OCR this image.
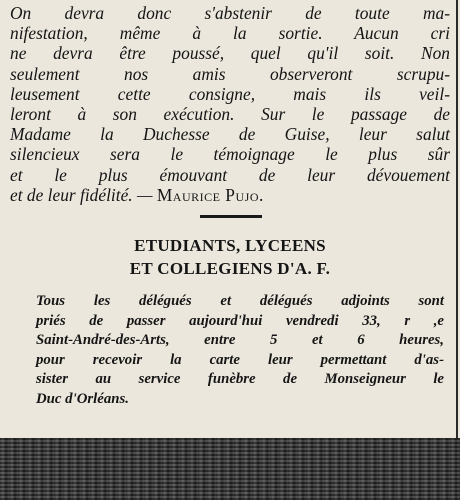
On devra donc s'abstenir de toute ma-
nifestation, même à la sortie. Aucun cri
ne devra être poussé, quel qu'il soit. Non
seulement nos amis observeront scrupu-
leusement cette consigne, mais ils veil-
leront à son exécution. Sur le passage de
Madame la Duchesse de Guise, leur salut
silencieux sera le témoignage le plus sûr
et le plus émouvant de leur dévouement
et de leur fidélité. — Maurice Pujo.
ETUDIANTS, LYCEENS
ET COLLEGIENS D'A. F.
Tous les délégués et délégués adjoints sont
priés de passer aujourd'hui vendredi 33, r ,e
Saint-André-des-Arts, entre 5 et 6 heures,
pour recevoir la carte leur permettant d'as-
sister au service funèbre de Monseigneur le
Duc d'Orléans.
